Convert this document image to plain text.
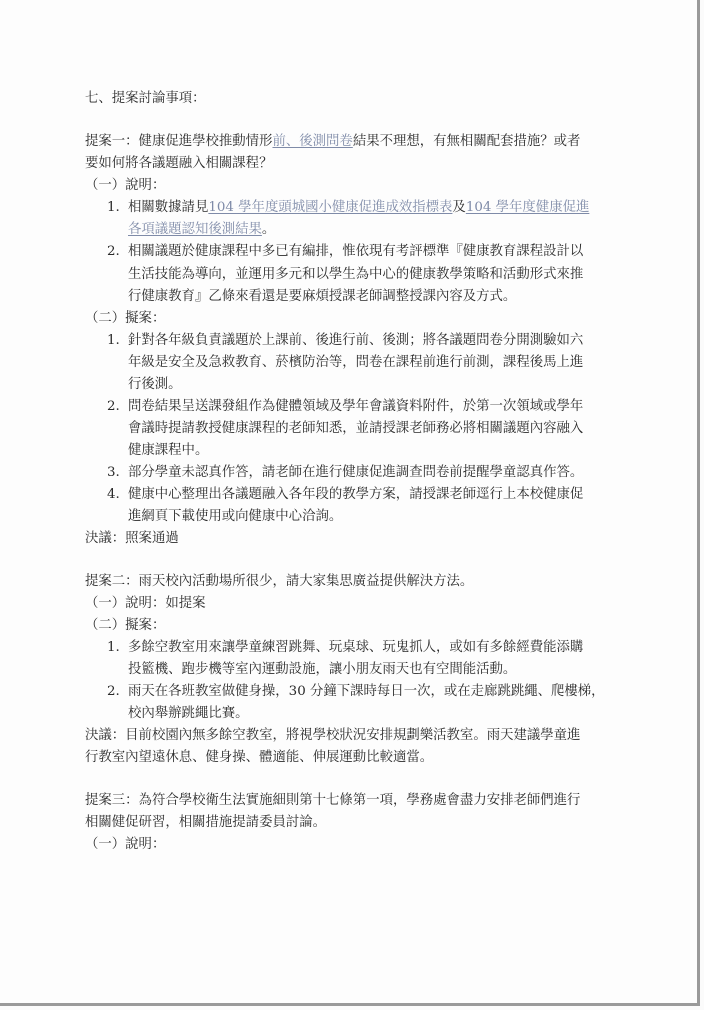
七、提案討論事項：
提案一：健康促進學校推動情形前、後測問卷結果不理想，有無相關配套措施？或者
要如何將各議題融入相關課程？
（一）說明：
1. 相關數據請見104 學年度頭城國小健康促進成效指標表及104 學年度健康促進
各項議題認知後測結果。
2. 相關議題於健康課程中多已有編排，惟依現有考評標準『健康教育課程設計以
生活技能為導向，並運用多元和以學生為中心的健康教學策略和活動形式來推
行健康教育』乙條來看還是要麻煩授課老師調整授課內容及方式。
（二）擬案：
1. 針對各年級負責議題於上課前、後進行前、後測；將各議題問卷分開測驗如六
年級是安全及急救教育、菸檳防治等，問卷在課程前進行前測，課程後馬上進
行後測。
2. 問卷結果呈送課發組作為健體領域及學年會議資料附件，於第一次領域或學年
會議時提請教授健康課程的老師知悉，並請授課老師務必將相關議題內容融入
健康課程中。
3. 部分學童未認真作答，請老師在進行健康促進調查問卷前提醒學童認真作答。
4. 健康中心整理出各議題融入各年段的教學方案，請授課老師逕行上本校健康促
進網頁下載使用或向健康中心洽詢。
決議：照案通過
提案二：雨天校內活動場所很少，請大家集思廣益提供解決方法。
（一）說明：如提案
（二）擬案：
1. 多餘空教室用來讓學童練習跳舞、玩桌球、玩鬼抓人，或如有多餘經費能添購
投籃機、跑步機等室內運動設施，讓小朋友雨天也有空間能活動。
2. 雨天在各班教室做健身操，30 分鐘下課時每日一次，或在走廊跳跳繩、爬樓梯，
校內舉辦跳繩比賽。
決議：目前校園內無多餘空教室，將視學校狀況安排規劃樂活教室。雨天建議學童進
行教室內望遠休息、健身操、體適能、伸展運動比較適當。
提案三：為符合學校衛生法實施細則第十七條第一項，學務處會盡力安排老師們進行
相關健促研習，相關措施提請委員討論。
（一）說明：
